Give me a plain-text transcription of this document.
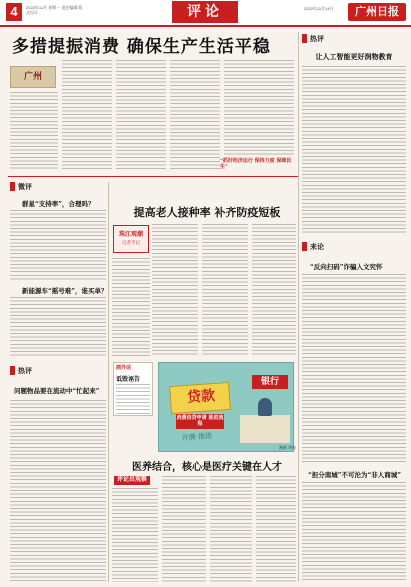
4	2022年11月 星期一 责任编辑 版式设计	评论	2022年11月14日	广州日报
多措提振消费 确保生产生活平稳
广州
“抓好经济运行 保持力度 保障民生”
热评
让人工智能更好润物教育
微评
群星“支持率”，合理吗？
新能源车“摇号难”，谁买单？
热评
问题物品要在流动中“忙起来”
提高老人接种率 补齐防疫短板
珠江观潮
记者手记
画外话
诋毁诬告
贷款
消费信贷申请 推进流程
银行
开满·推进
漫画 李锐
医养结合，核心是医疗关键在人才
评论员观察
来论
“反向扫码”诈骗入文究怀
“担分南城”不可沦为“非人商城”
